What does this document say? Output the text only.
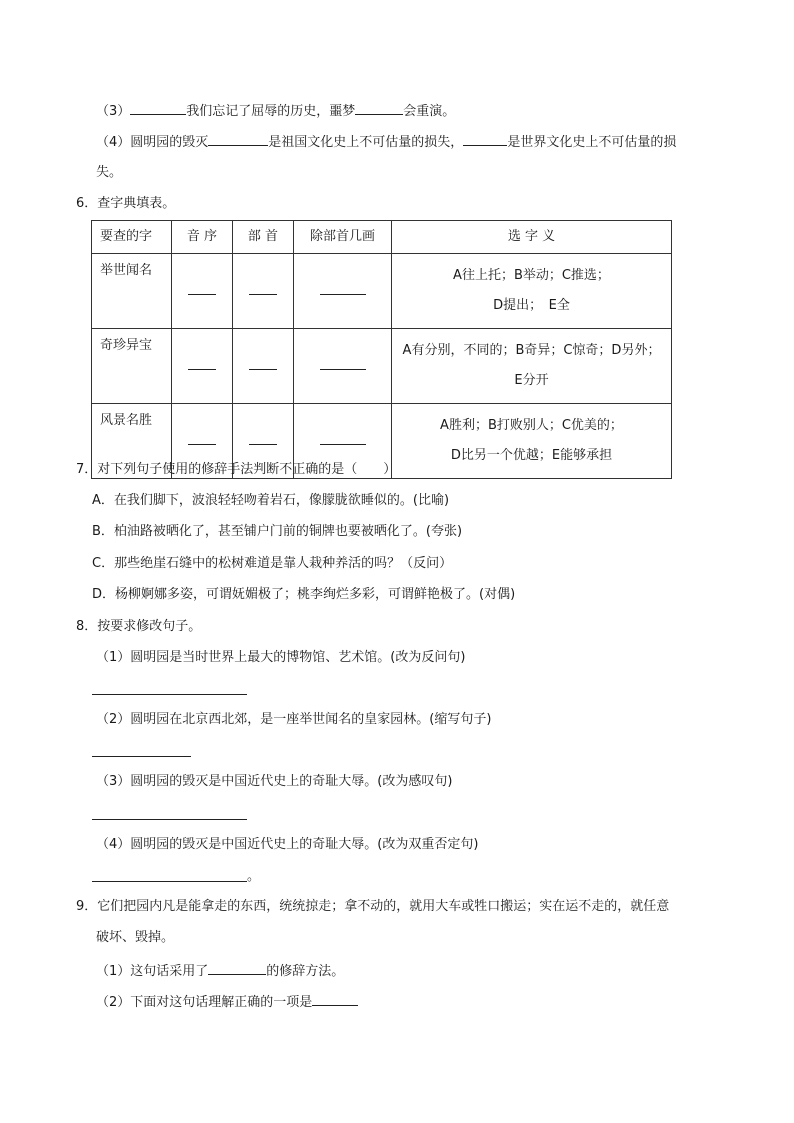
（3）	我们忘记了屈辱的历史，噩梦	会重演。
（4）圆明园的毁灭	是祖国文化史上不可估量的损失，	是世界文化史上不可估量的损
失。
6．查字典填表。
要查的字	音 序	部 首	除部首几画	选 字 义
举世闻名				A往上托；B举动；C推选；
D提出；　E全

奇珍异宝				A有分别，不同的；B奇异；C惊奇；D另外；
E分开

风景名胜				A胜利；B打败别人；C优美的；
D比另一个优越；E能够承担
7．对下列句子使用的修辞手法判断不正确的是（　　）
A．在我们脚下，波浪轻轻吻着岩石，像朦胧欲睡似的。(比喻)
B．柏油路被晒化了，甚至铺户门前的铜牌也要被晒化了。(夸张)
C．那些绝崖石缝中的松树难道是靠人栽种养活的吗？（反问）
D．杨柳婀娜多姿，可谓妩媚极了；桃李绚烂多彩，可谓鲜艳极了。(对偶)
8．按要求修改句子。
（1）圆明园是当时世界上最大的博物馆、艺术馆。(改为反问句)
（2）圆明园在北京西北郊，是一座举世闻名的皇家园林。(缩写句子)
（3）圆明园的毁灭是中国近代史上的奇耻大辱。(改为感叹句)
（4）圆明园的毁灭是中国近代史上的奇耻大辱。(改为双重否定句)
。
9．它们把园内凡是能拿走的东西，统统掠走；拿不动的，就用大车或牲口搬运；实在运不走的，就任意
破坏、毁掉。
（1）这句话采用了	的修辞方法。
（2）下面对这句话理解正确的一项是
